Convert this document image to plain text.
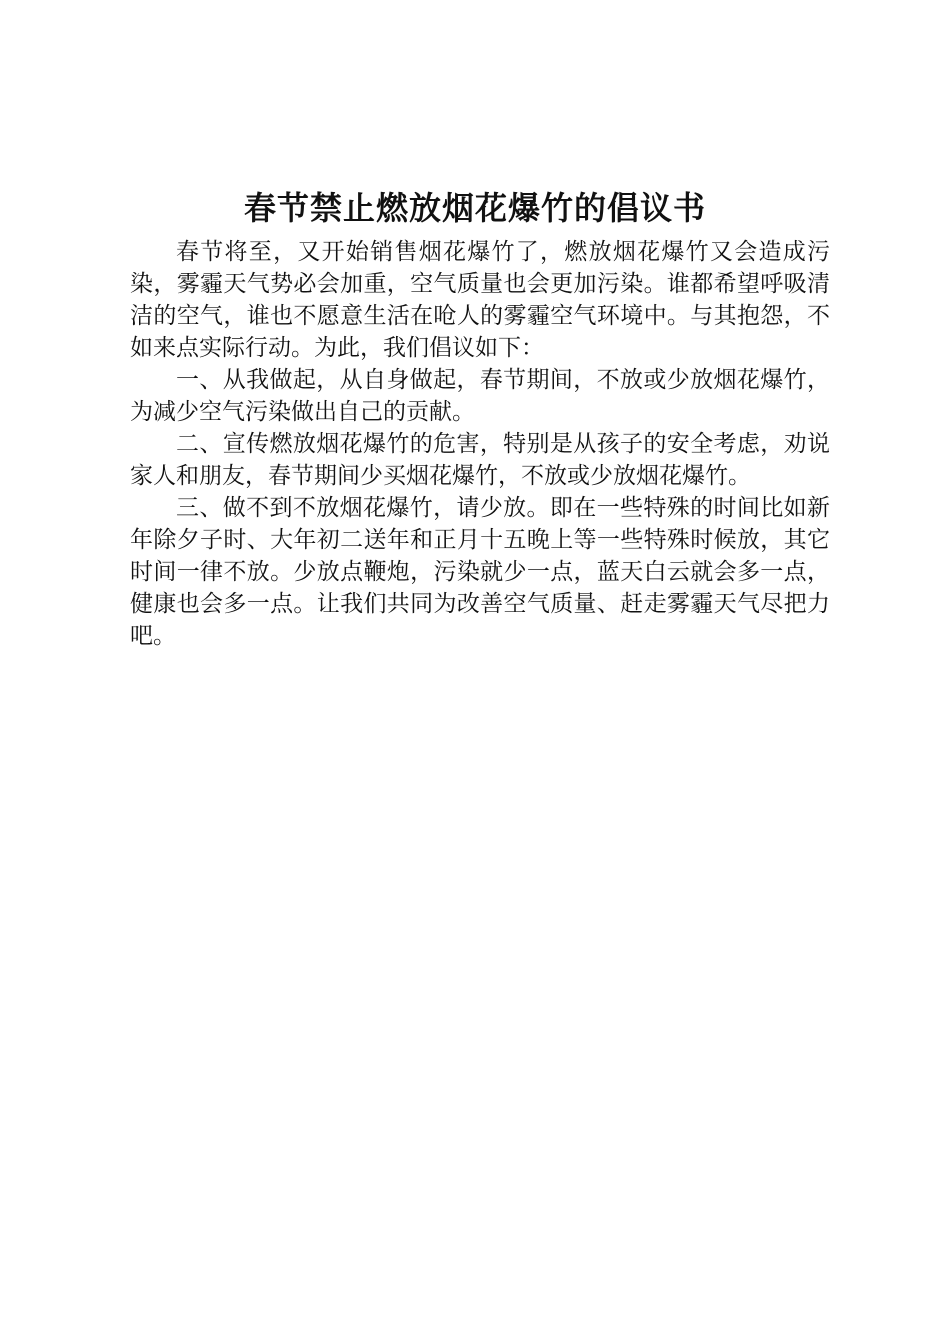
春节禁止燃放烟花爆竹的倡议书

春节将至，又开始销售烟花爆竹了，燃放烟花爆竹又会造成污染，雾霾天气势必会加重，空气质量也会更加污染。谁都希望呼吸清洁的空气，谁也不愿意生活在呛人的雾霾空气环境中。与其抱怨，不如来点实际行动。为此，我们倡议如下：

一、从我做起，从自身做起，春节期间，不放或少放烟花爆竹，为减少空气污染做出自己的贡献。

二、宣传燃放烟花爆竹的危害，特别是从孩子的安全考虑，劝说家人和朋友，春节期间少买烟花爆竹，不放或少放烟花爆竹。

三、做不到不放烟花爆竹，请少放。即在一些特殊的时间比如新年除夕子时、大年初二送年和正月十五晚上等一些特殊时候放，其它时间一律不放。少放点鞭炮，污染就少一点，蓝天白云就会多一点，健康也会多一点。让我们共同为改善空气质量、赶走雾霾天气尽把力吧。
